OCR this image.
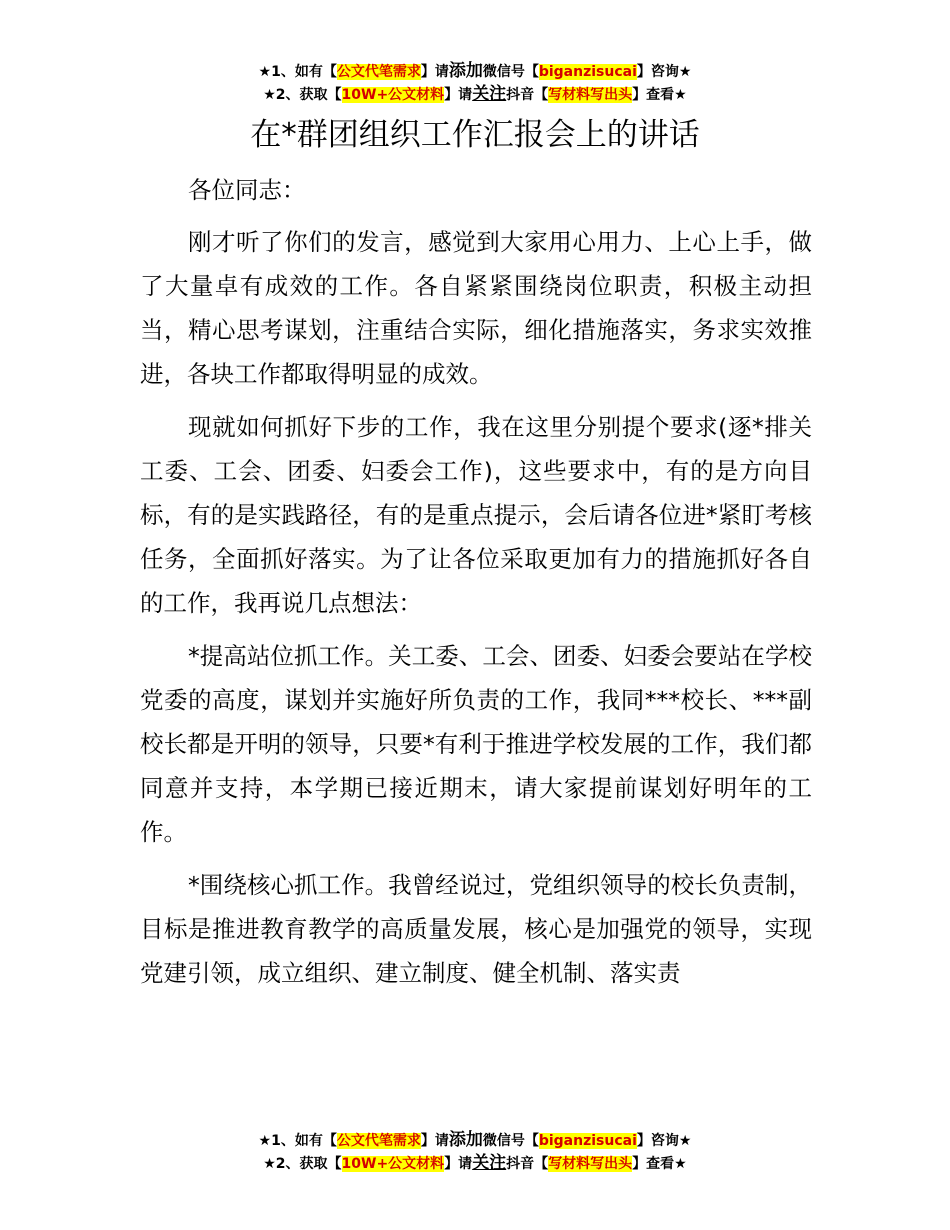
★1、如有【公文代笔需求】请添加微信号【biganzisucai】咨询★
★2、获取【10W+公文材料】请关注抖音【写材料写出头】查看★
在*群团组织工作汇报会上的讲话

各位同志：

刚才听了你们的发言，感觉到大家用心用力、上心上手，做了大量卓有成效的工作。各自紧紧围绕岗位职责，积极主动担当，精心思考谋划，注重结合实际，细化措施落实，务求实效推进，各块工作都取得明显的成效。

现就如何抓好下步的工作，我在这里分别提个要求(逐*排关工委、工会、团委、妇委会工作)，这些要求中，有的是方向目标，有的是实践路径，有的是重点提示，会后请各位进*紧盯考核任务，全面抓好落实。为了让各位采取更加有力的措施抓好各自的工作，我再说几点想法：

*提高站位抓工作。关工委、工会、团委、妇委会要站在学校党委的高度，谋划并实施好所负责的工作，我同***校长、***副校长都是开明的领导，只要*有利于推进学校发展的工作，我们都同意并支持，本学期已接近期末，请大家提前谋划好明年的工作。

*围绕核心抓工作。我曾经说过，党组织领导的校长负责制，目标是推进教育教学的高质量发展，核心是加强党的领导，实现党建引领，成立组织、建立制度、健全机制、落实责

★1、如有【公文代笔需求】请添加微信号【biganzisucai】咨询★
★2、获取【10W+公文材料】请关注抖音【写材料写出头】查看★
